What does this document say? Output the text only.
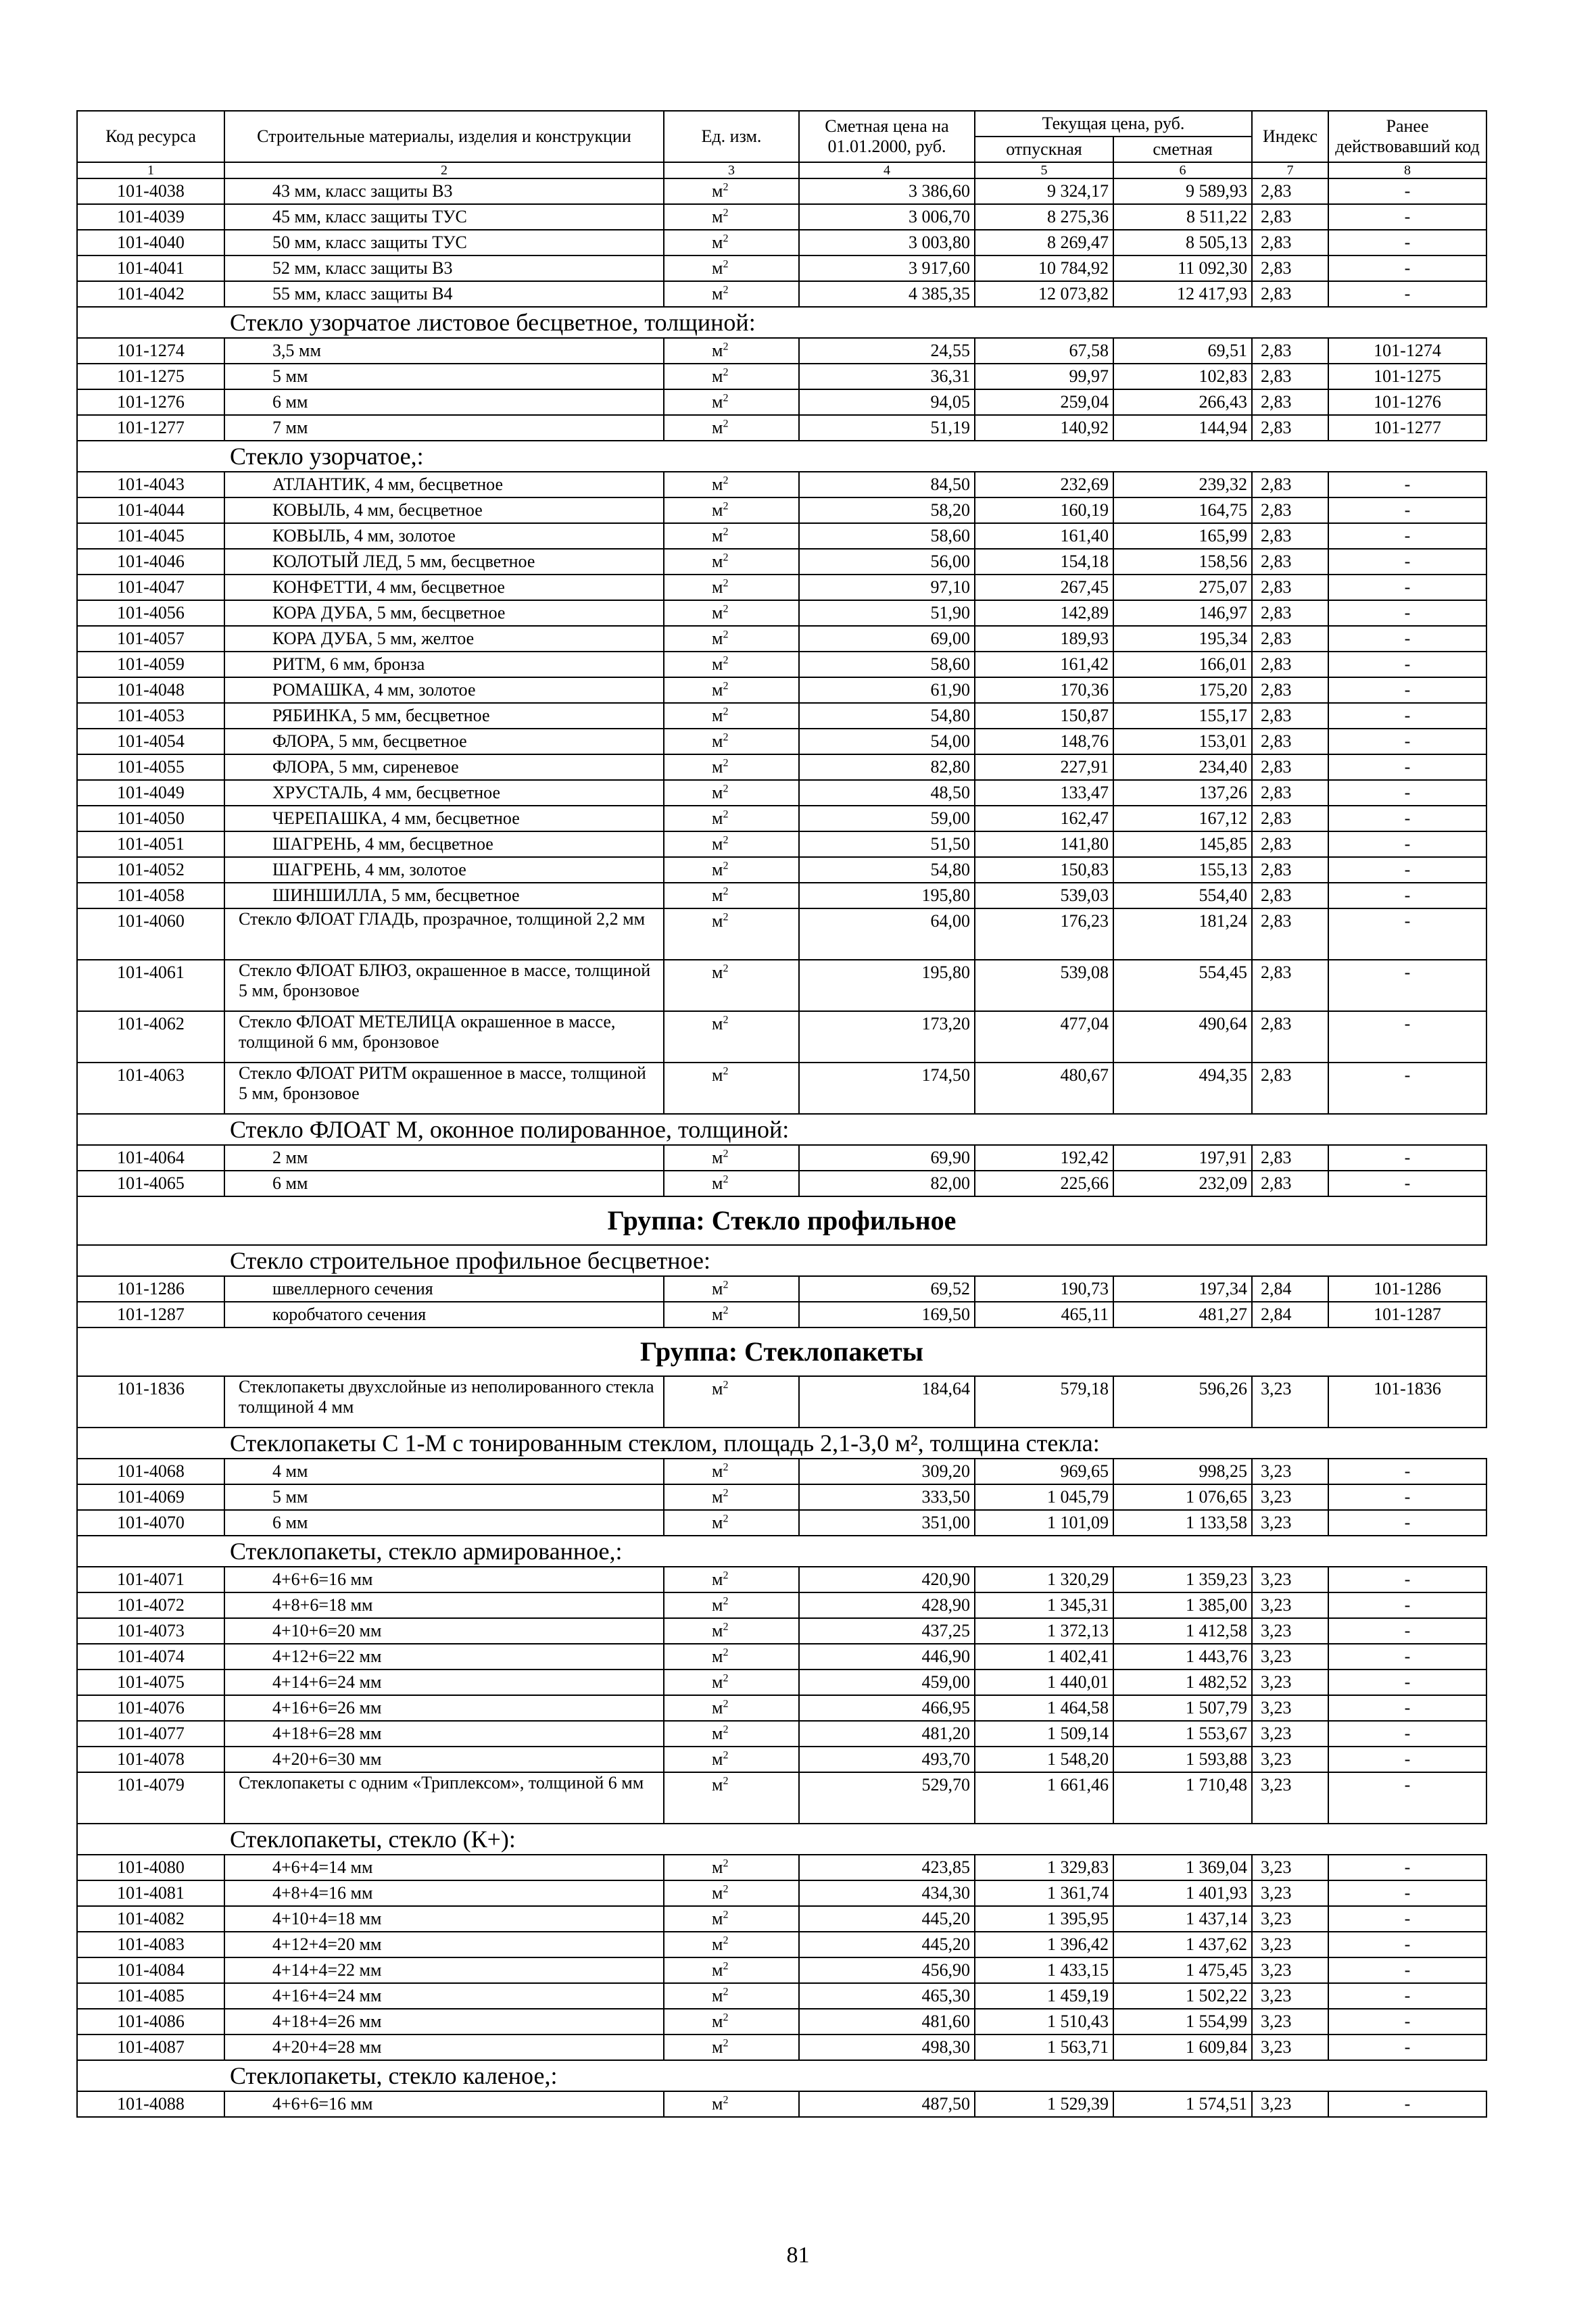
Код ресурса	Строительные материалы, изделия и конструкции	Ед. изм.	Сметная цена на 01.01.2000, руб.	Текущая цена, руб.		Индекс	Ранее действовавший код
				отпускная	сметная		
1	2	3	4	5	6	7	8
101-4038	43 мм, класс защиты В3	$м^2$	3 386,60	9 324,17	9 589,93	2,83	-
101-4039	45 мм, класс защиты ТУС	$м^2$	3 006,70	8 275,36	8 511,22	2,83	-
101-4040	50 мм, класс защиты ТУС	$м^2$	3 003,80	8 269,47	8 505,13	2,83	-
101-4041	52 мм, класс защиты В3	$м^2$	3 917,60	10 784,92	11 092,30	2,83	-
101-4042	55 мм, класс защиты В4	$м^2$	4 385,35	12 073,82	12 417,93	2,83	-
Стекло узорчатое листовое бесцветное, толщиной:							
101-1274	3,5 мм	$м^2$	24,55	67,58	69,51	2,83	101-1274
101-1275	5 мм	$м^2$	36,31	99,97	102,83	2,83	101-1275
101-1276	6 мм	$м^2$	94,05	259,04	266,43	2,83	101-1276
101-1277	7 мм	$м^2$	51,19	140,92	144,94	2,83	101-1277
Стекло узорчатое,:							
101-4043	АТЛАНТИК, 4 мм, бесцветное	$м^2$	84,50	232,69	239,32	2,83	-
101-4044	КОВЫЛЬ, 4 мм, бесцветное	$м^2$	58,20	160,19	164,75	2,83	-
101-4045	КОВЫЛЬ, 4 мм, золотое	$м^2$	58,60	161,40	165,99	2,83	-
101-4046	КОЛОТЫЙ ЛЕД, 5 мм, бесцветное	$м^2$	56,00	154,18	158,56	2,83	-
101-4047	КОНФЕТТИ, 4 мм, бесцветное	$м^2$	97,10	267,45	275,07	2,83	-
101-4056	КОРА ДУБА, 5 мм, бесцветное	$м^2$	51,90	142,89	146,97	2,83	-
101-4057	КОРА ДУБА, 5 мм, желтое	$м^2$	69,00	189,93	195,34	2,83	-
101-4059	РИТМ, 6 мм, бронза	$м^2$	58,60	161,42	166,01	2,83	-
101-4048	РОМАШКА, 4 мм, золотое	$м^2$	61,90	170,36	175,20	2,83	-
101-4053	РЯБИНКА, 5 мм, бесцветное	$м^2$	54,80	150,87	155,17	2,83	-
101-4054	ФЛОРА, 5 мм, бесцветное	$м^2$	54,00	148,76	153,01	2,83	-
101-4055	ФЛОРА, 5 мм, сиреневое	$м^2$	82,80	227,91	234,40	2,83	-
101-4049	ХРУСТАЛЬ, 4 мм, бесцветное	$м^2$	48,50	133,47	137,26	2,83	-
101-4050	ЧЕРЕПАШКА, 4 мм, бесцветное	$м^2$	59,00	162,47	167,12	2,83	-
101-4051	ШАГРЕНЬ, 4 мм, бесцветное	$м^2$	51,50	141,80	145,85	2,83	-
101-4052	ШАГРЕНЬ, 4 мм, золотое	$м^2$	54,80	150,83	155,13	2,83	-
101-4058	ШИНШИЛЛА, 5 мм, бесцветное	$м^2$	195,80	539,03	554,40	2,83	-
101-4060	Стекло ФЛОАТ ГЛАДЬ, прозрачное, толщиной 2,2 мм	$м^2$	64,00	176,23	181,24	2,83	-
101-4061	Стекло ФЛОАТ БЛЮЗ, окрашенное в массе, толщиной 5 мм, бронзовое	$м^2$	195,80	539,08	554,45	2,83	-
101-4062	Стекло ФЛОАТ МЕТЕЛИЦА окрашенное в массе, толщиной 6 мм, бронзовое	$м^2$	173,20	477,04	490,64	2,83	-
101-4063	Стекло ФЛОАТ РИТМ окрашенное в массе, толщиной 5 мм, бронзовое	$м^2$	174,50	480,67	494,35	2,83	-
Стекло ФЛОАТ М, оконное полированное, толщиной:							
101-4064	2 мм	$м^2$	69,90	192,42	197,91	2,83	-
101-4065	6 мм	$м^2$	82,00	225,66	232,09	2,83	-
Группа: Стекло профильное							
Стекло строительное профильное бесцветное:							
101-1286	швеллерного сечения	$м^2$	69,52	190,73	197,34	2,84	101-1286
101-1287	коробчатого сечения	$м^2$	169,50	465,11	481,27	2,84	101-1287
Группа: Стеклопакеты							
101-1836	Стеклопакеты двухслойные из неполированного стекла толщиной 4 мм	$м^2$	184,64	579,18	596,26	3,23	101-1836
Стеклопакеты С 1-М с тонированным стеклом, площадь 2,1-3,0 м², толщина стекла:							
101-4068	4 мм	$м^2$	309,20	969,65	998,25	3,23	-
101-4069	5 мм	$м^2$	333,50	1 045,79	1 076,65	3,23	-
101-4070	6 мм	$м^2$	351,00	1 101,09	1 133,58	3,23	-
Стеклопакеты, стекло армированное,:							
101-4071	4+6+6=16 мм	$м^2$	420,90	1 320,29	1 359,23	3,23	-
101-4072	4+8+6=18 мм	$м^2$	428,90	1 345,31	1 385,00	3,23	-
101-4073	4+10+6=20 мм	$м^2$	437,25	1 372,13	1 412,58	3,23	-
101-4074	4+12+6=22 мм	$м^2$	446,90	1 402,41	1 443,76	3,23	-
101-4075	4+14+6=24 мм	$м^2$	459,00	1 440,01	1 482,52	3,23	-
101-4076	4+16+6=26 мм	$м^2$	466,95	1 464,58	1 507,79	3,23	-
101-4077	4+18+6=28 мм	$м^2$	481,20	1 509,14	1 553,67	3,23	-
101-4078	4+20+6=30 мм	$м^2$	493,70	1 548,20	1 593,88	3,23	-
101-4079	Стеклопакеты с одним «Триплексом», толщиной 6 мм	$м^2$	529,70	1 661,46	1 710,48	3,23	-
Стеклопакеты, стекло (К+):							
101-4080	4+6+4=14 мм	$м^2$	423,85	1 329,83	1 369,04	3,23	-
101-4081	4+8+4=16 мм	$м^2$	434,30	1 361,74	1 401,93	3,23	-
101-4082	4+10+4=18 мм	$м^2$	445,20	1 395,95	1 437,14	3,23	-
101-4083	4+12+4=20 мм	$м^2$	445,20	1 396,42	1 437,62	3,23	-
101-4084	4+14+4=22 мм	$м^2$	456,90	1 433,15	1 475,45	3,23	-
101-4085	4+16+4=24 мм	$м^2$	465,30	1 459,19	1 502,22	3,23	-
101-4086	4+18+4=26 мм	$м^2$	481,60	1 510,43	1 554,99	3,23	-
101-4087	4+20+4=28 мм	$м^2$	498,30	1 563,71	1 609,84	3,23	-
Стеклопакеты, стекло каленое,:							
101-4088	4+6+6=16 мм	$м^2$	487,50	1 529,39	1 574,51	3,23	-
81
